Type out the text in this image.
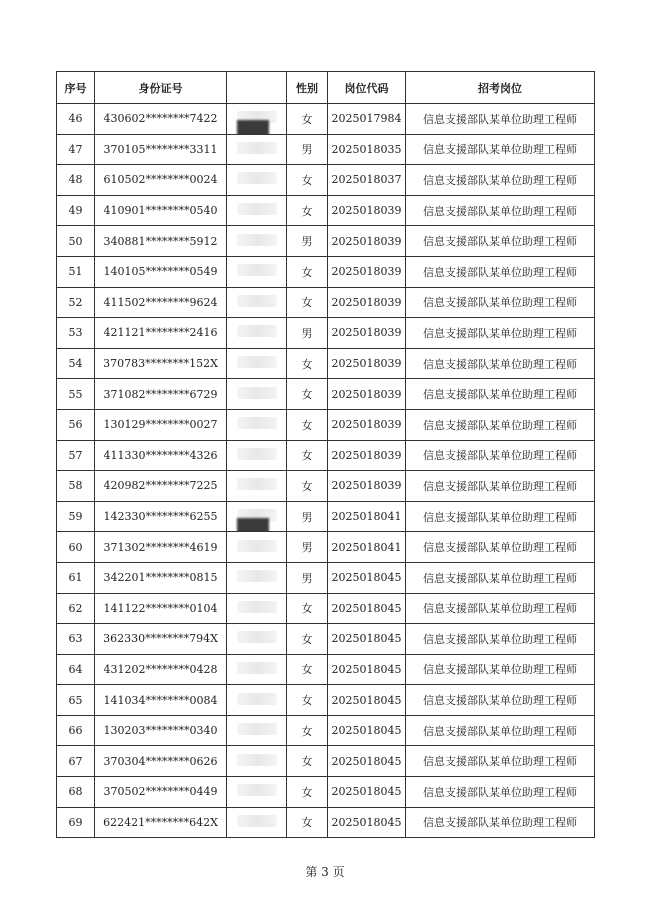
序号	身份证号		性别	岗位代码	招考岗位
46	430602********7422		女	2025017984	信息支援部队某单位助理工程师
47	370105********3311		男	2025018035	信息支援部队某单位助理工程师
48	610502********0024		女	2025018037	信息支援部队某单位助理工程师
49	410901********0540		女	2025018039	信息支援部队某单位助理工程师
50	340881********5912		男	2025018039	信息支援部队某单位助理工程师
51	140105********0549		女	2025018039	信息支援部队某单位助理工程师
52	411502********9624		女	2025018039	信息支援部队某单位助理工程师
53	421121********2416		男	2025018039	信息支援部队某单位助理工程师
54	370783********152X		女	2025018039	信息支援部队某单位助理工程师
55	371082********6729		女	2025018039	信息支援部队某单位助理工程师
56	130129********0027		女	2025018039	信息支援部队某单位助理工程师
57	411330********4326		女	2025018039	信息支援部队某单位助理工程师
58	420982********7225		女	2025018039	信息支援部队某单位助理工程师
59	142330********6255		男	2025018041	信息支援部队某单位助理工程师
60	371302********4619		男	2025018041	信息支援部队某单位助理工程师
61	342201********0815		男	2025018045	信息支援部队某单位助理工程师
62	141122********0104		女	2025018045	信息支援部队某单位助理工程师
63	362330********794X		女	2025018045	信息支援部队某单位助理工程师
64	431202********0428		女	2025018045	信息支援部队某单位助理工程师
65	141034********0084		女	2025018045	信息支援部队某单位助理工程师
66	130203********0340		女	2025018045	信息支援部队某单位助理工程师
67	370304********0626		女	2025018045	信息支援部队某单位助理工程师
68	370502********0449		女	2025018045	信息支援部队某单位助理工程师
69	622421********642X		女	2025018045	信息支援部队某单位助理工程师
第 3 页
